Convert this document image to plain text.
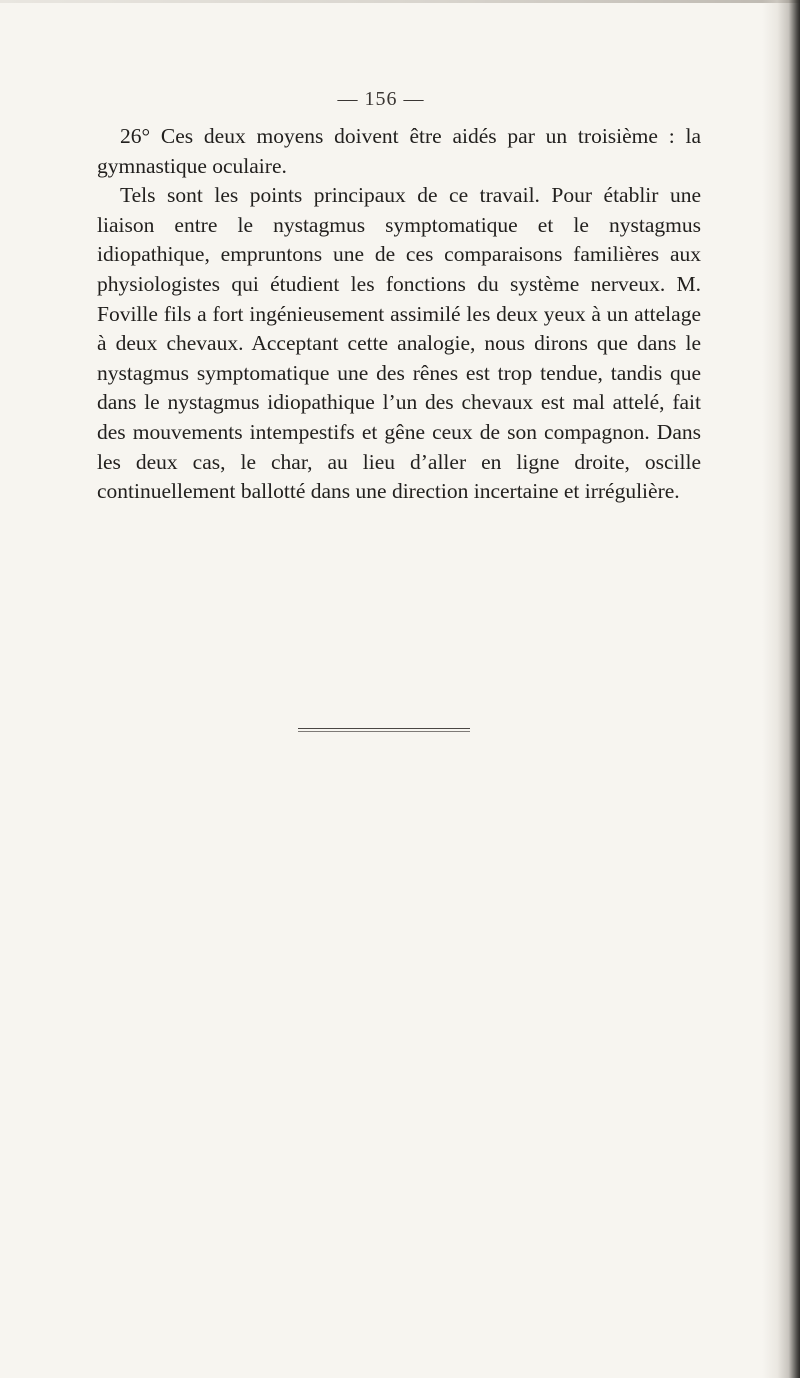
— 156 —

26° Ces deux moyens doivent être aidés par un troisième : la gymnastique oculaire.

Tels sont les points principaux de ce travail. Pour établir une liaison entre le nystagmus symptomatique et le nystagmus idiopathique, empruntons une de ces comparaisons familières aux physiologistes qui étudient les fonctions du système nerveux. M. Foville fils a fort ingénieusement assimilé les deux yeux à un attelage à deux chevaux. Acceptant cette analogie, nous dirons que dans le nystagmus symptomatique une des rênes est trop tendue, tandis que dans le nystagmus idiopathique l’un des chevaux est mal attelé, fait des mouvements intempestifs et gêne ceux de son compagnon. Dans les deux cas, le char, au lieu d’aller en ligne droite, oscille continuellement ballotté dans une direction incertaine et irrégulière.
